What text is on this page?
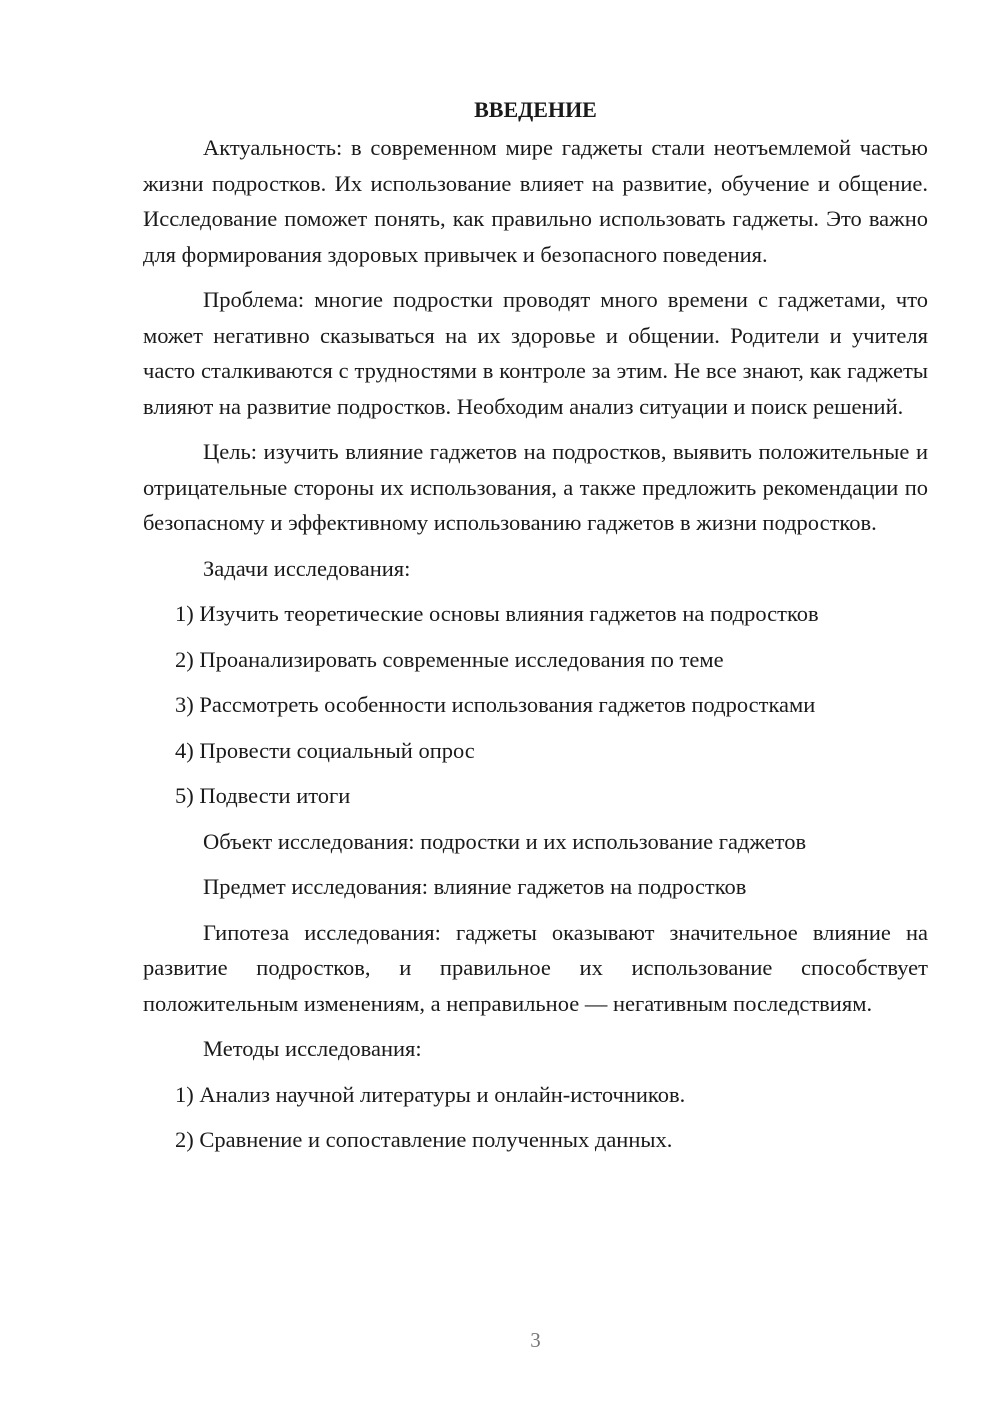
ВВЕДЕНИЕ

Актуальность: в современном мире гаджеты стали неотъемлемой частью жизни подростков. Их использование влияет на развитие, обучение и общение. Исследование поможет понять, как правильно использовать гаджеты. Это важно для формирования здоровых привычек и безопасного поведения.

Проблема: многие подростки проводят много времени с гаджетами, что может негативно сказываться на их здоровье и общении. Родители и учителя часто сталкиваются с трудностями в контроле за этим. Не все знают, как гаджеты влияют на развитие подростков. Необходим анализ ситуации и поиск решений.

Цель: изучить влияние гаджетов на подростков, выявить положительные и отрицательные стороны их использования, а также предложить рекомендации по безопасному и эффективному использованию гаджетов в жизни подростков.

Задачи исследования:
1) Изучить теоретические основы влияния гаджетов на подростков
2) Проанализировать современные исследования по теме
3) Рассмотреть особенности использования гаджетов подростками
4) Провести социальный опрос
5) Подвести итоги
Объект исследования: подростки и их использование гаджетов
Предмет исследования: влияние гаджетов на подростков

Гипотеза исследования: гаджеты оказывают значительное влияние на развитие подростков, и правильное их использование способствует положительным изменениям, а неправильное — негативным последствиям.

Методы исследования:
1) Анализ научной литературы и онлайн-источников.
2) Сравнение и сопоставление полученных данных.
3
